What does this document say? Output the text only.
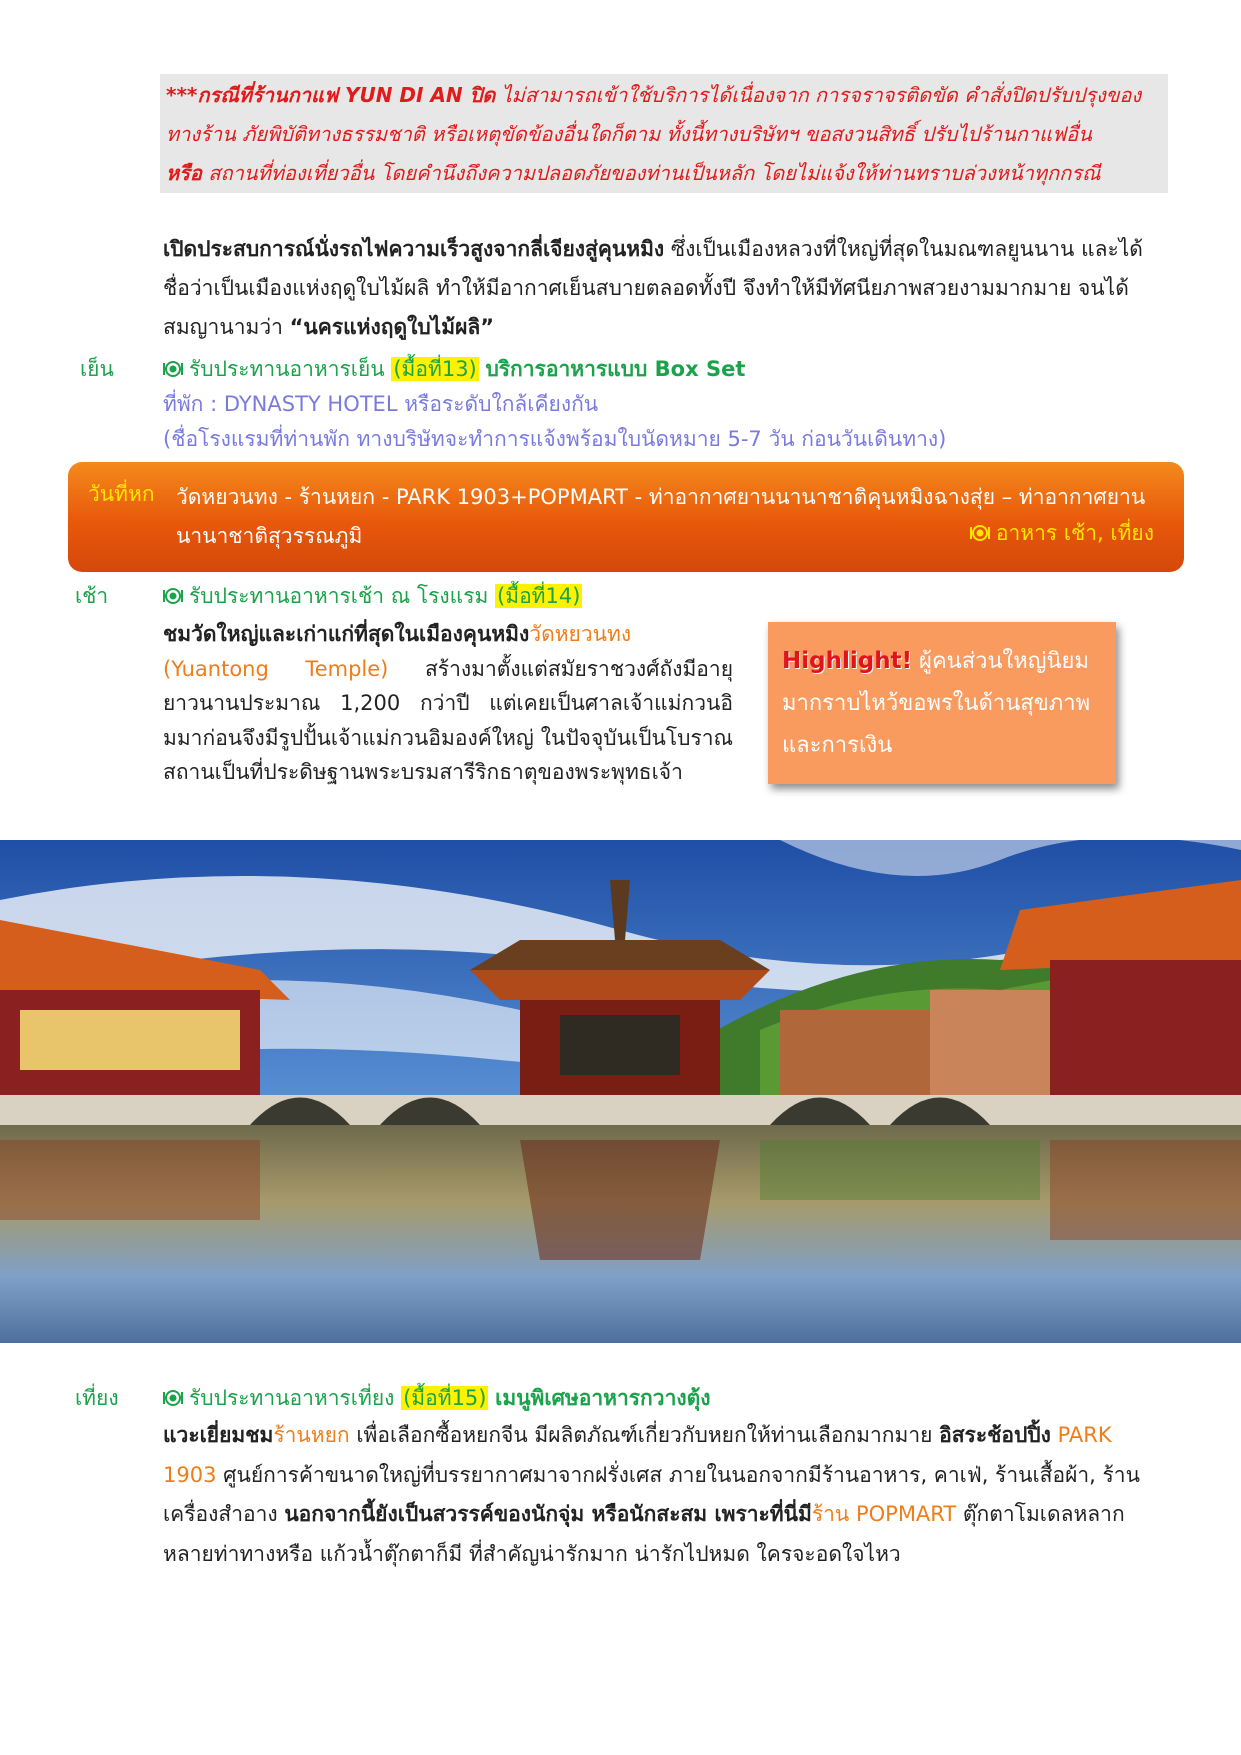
***กรณีที่ร้านกาแฟ YUN DI AN ปิด ไม่สามารถเข้าใช้บริการได้เนื่องจาก การจราจรติดขัด คำสั่งปิดปรับปรุงของ
ทางร้าน ภัยพิบัติทางธรรมชาติ หรือเหตุขัดข้องอื่นใดก็ตาม ทั้งนี้ทางบริษัทฯ ขอสงวนสิทธิ์ ปรับไปร้านกาแฟอื่น
หรือ สถานที่ท่องเที่ยวอื่น โดยคำนึงถึงความปลอดภัยของท่านเป็นหลัก โดยไม่แจ้งให้ท่านทราบล่วงหน้าทุกกรณี
เปิดประสบการณ์นั่งรถไฟความเร็วสูงจากลี่เจียงสู่คุนหมิง ซึ่งเป็นเมืองหลวงที่ใหญ่ที่สุดในมณฑลยูนนาน และได้ชื่อว่าเป็นเมืองแห่งฤดูใบไม้ผลิ ทำให้มีอากาศเย็นสบายตลอดทั้งปี จึงทำให้มีทัศนียภาพสวยงามมากมาย จนได้สมญานามว่า “นครแห่งฤดูใบไม้ผลิ”
เย็น	รับประทานอาหารเย็น (มื้อที่13) บริการอาหารแบบ Box Set
ที่พัก : DYNASTY HOTEL หรือระดับใกล้เคียงกัน
(ชื่อโรงแรมที่ท่านพัก ทางบริษัทจะทำการแจ้งพร้อมใบนัดหมาย 5-7 วัน ก่อนวันเดินทาง)
วันที่หก วัดหยวนทง - ร้านหยก - PARK 1903+POPMART - ท่าอากาศยานนานาชาติคุนหมิงฉางสุ่ย – ท่าอากาศยานนานาชาติสุวรรณภูมิ	อาหาร เช้า, เที่ยง
เช้า	รับประทานอาหารเช้า ณ โรงแรม (มื้อที่14)
ชมวัดใหญ่และเก่าแก่ที่สุดในเมืองคุนหมิงวัดหยวนทง (Yuantong Temple) สร้างมาตั้งแต่สมัยราชวงศ์ถังมีอายุยาวนานประมาณ 1,200 กว่าปี แต่เคยเป็นศาลเจ้าแม่กวนอิมมาก่อนจึงมีรูปปั้นเจ้าแม่กวนอิมองค์ใหญ่ ในปัจจุบันเป็นโบราณสถานเป็นที่ประดิษฐานพระบรมสารีริกธาตุของพระพุทธเจ้า
Highlight! ผู้คนส่วนใหญ่นิยมมากราบไหว้ขอพรในด้านสุขภาพและการเงิน
เที่ยง	รับประทานอาหารเที่ยง (มื้อที่15) เมนูพิเศษอาหารกวางตุ้ง
แวะเยี่ยมชมร้านหยก เพื่อเลือกซื้อหยกจีน มีผลิตภัณฑ์เกี่ยวกับหยกให้ท่านเลือกมากมาย อิสระช้อปปิ้ง PARK 1903 ศูนย์การค้าขนาดใหญ่ที่บรรยากาศมาจากฝรั่งเศส ภายในนอกจากมีร้านอาหาร, คาเฟ่, ร้านเสื้อผ้า, ร้านเครื่องสำอาง นอกจากนี้ยังเป็นสวรรค์ของนักจุ่ม หรือนักสะสม เพราะที่นี่มีร้าน POPMART ตุ๊กตาโมเดลหลากหลายท่าทางหรือ แก้วน้ำตุ๊กตาก็มี ที่สำคัญน่ารักมาก น่ารักไปหมด ใครจะอดใจไหว
